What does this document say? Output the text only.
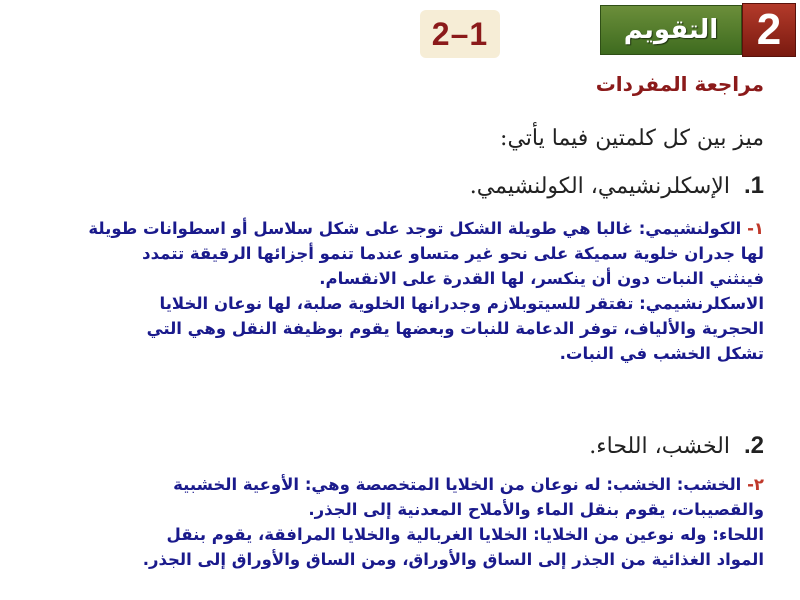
2–1	التقويم 2
مراجعة المفردات
ميز بين كل كلمتين فيما يأتي:
1.
الإسكلرنشيمي، الكولنشيمي.

١- الكولنشيمي: غالبا هي طويلة الشكل توجد على شكل سلاسل أو اسطوانات طويلة

لها جدران خلوية سميكة على نحو غير متساو عندما تنمو أجزائها الرقيقة تتمدد

فينثني النبات دون أن ينكسر، لها القدرة على الانقسام.

الاسكلرنشيمي: تفتقر للسيتوبلازم وجدرانها الخلوية صلبة، لها نوعان الخلايا

الحجرية والألياف، توفر الدعامة للنبات وبعضها يقوم بوظيفة النقل وهي التي

تشكل الخشب في النبات.

2.
الخشب، اللحاء.

٢- الخشب: الخشب: له نوعان من الخلايا المتخصصة وهي: الأوعية الخشبية

والقصيبات، يقوم بنقل الماء والأملاح المعدنية إلى الجذر.

اللحاء: وله نوعين من الخلايا: الخلايا الغربالية والخلايا المرافقة، يقوم بنقل

المواد الغذائية من الجذر إلى الساق والأوراق، ومن الساق والأوراق إلى الجذر.
